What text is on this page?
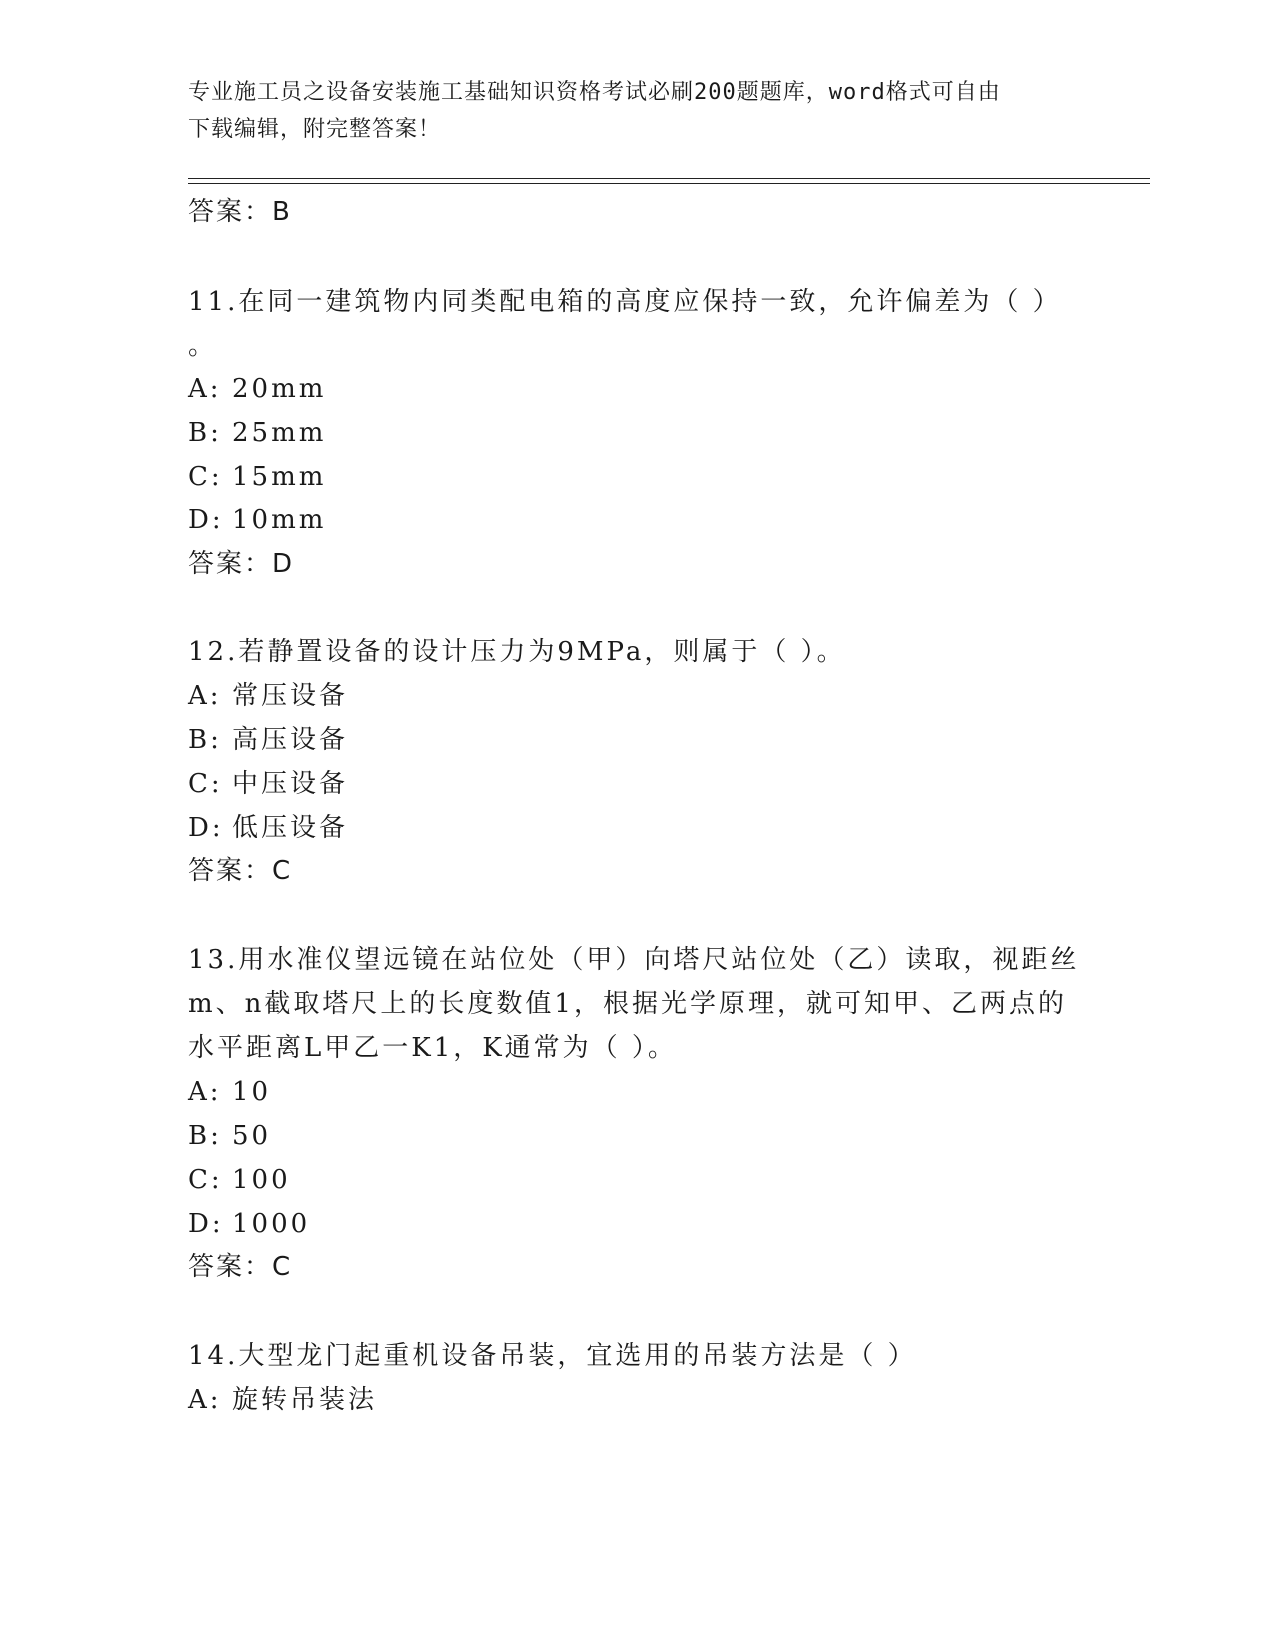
专业施工员之设备安装施工基础知识资格考试必刷200题题库，word格式可自由
下载编辑，附完整答案！
答案：B
11.在同一建筑物内同类配电箱的高度应保持一致，允许偏差为（ ）
。
A: 20mm
B: 25mm
C: 15mm
D: 10mm
答案：D
12.若静置设备的设计压力为9MPa，则属于（ ）。
A: 常压设备
B: 高压设备
C: 中压设备
D: 低压设备
答案：C
13.用水准仪望远镜在站位处（甲）向塔尺站位处（乙）读取，视距丝
m、n截取塔尺上的长度数值1，根据光学原理，就可知甲、乙两点的
水平距离L甲乙一K1，K通常为（ ）。
A: 10
B: 50
C: 100
D: 1000
答案：C
14.大型龙门起重机设备吊装，宜选用的吊装方法是（ ）
A: 旋转吊装法
